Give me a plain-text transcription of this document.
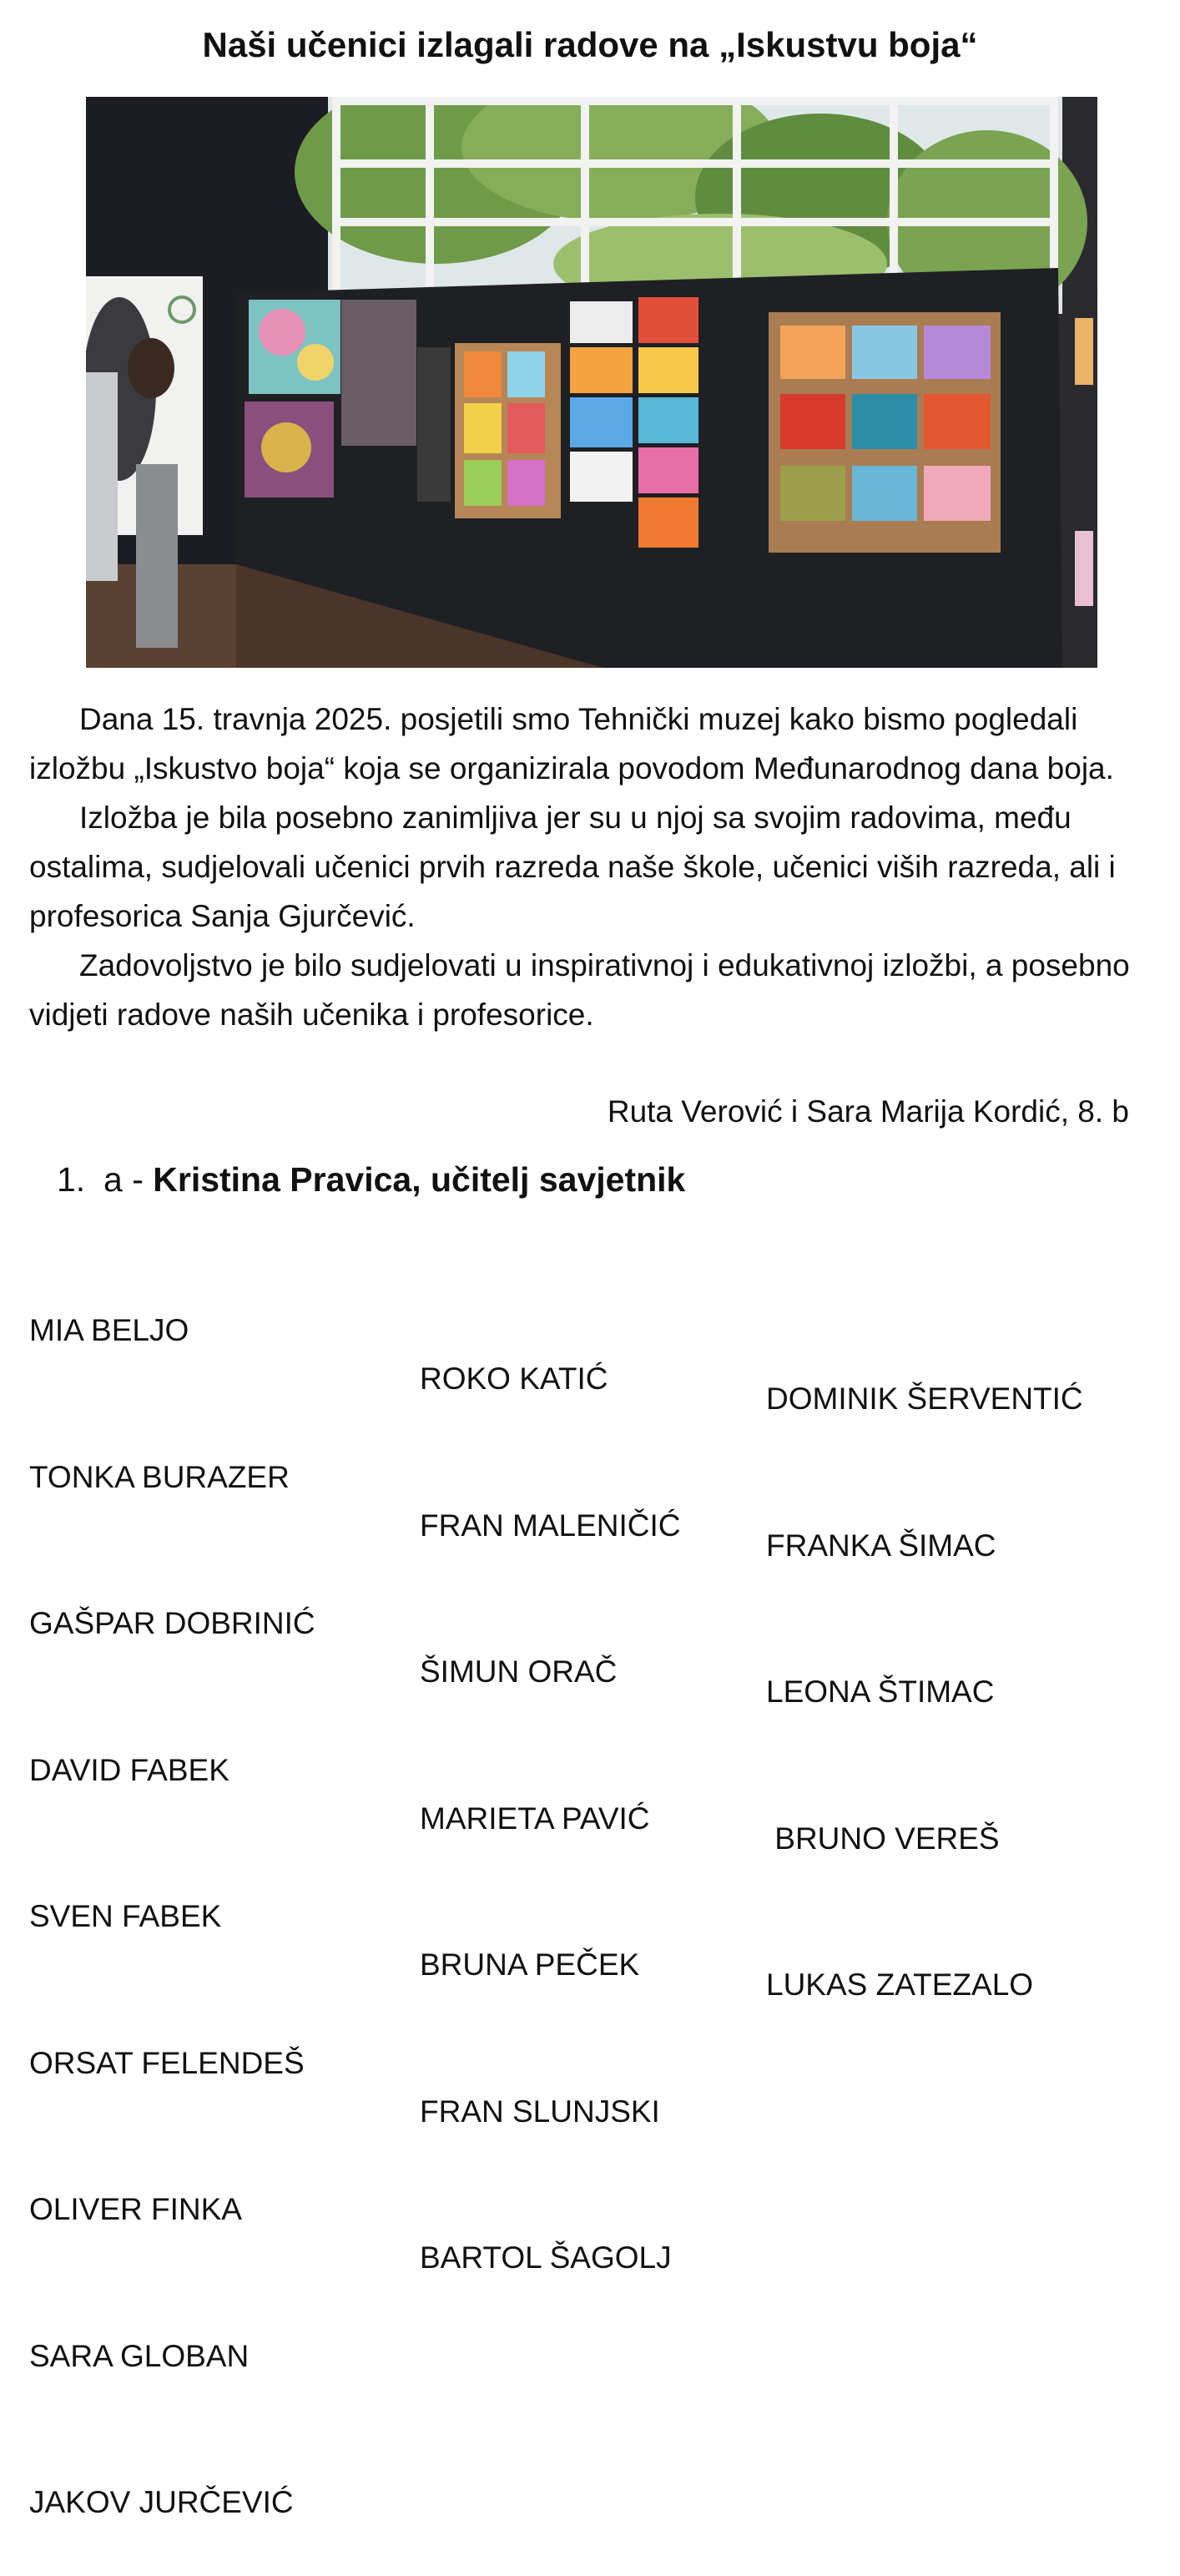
Naši učenici izlagali radove na „Iskustvu boja“

Dana 15. travnja 2025. posjetili smo Tehnički muzej kako bismo pogledali izložbu „Iskustvo boja“ koja se organizirala povodom Međunarodnog dana boja.

Izložba je bila posebno zanimljiva jer su u njoj sa svojim radovima, među ostalima, sudjelovali učenici prvih razreda naše škole, učenici viših razreda, ali i profesorica Sanja Gjurčević.

Zadovoljstvo je bilo sudjelovati u inspirativnoj i edukativnoj izložbi, a posebno vidjeti radove naših učenika i profesorice.

Ruta Verović i Sara Marija Kordić, 8. b
1. a - Kristina Pravica, učitelj savjetnik

MIA BELJO

TONKA BURAZER

GAŠPAR DOBRINIĆ

DAVID FABEK

SVEN FABEK

ORSAT FELENDEŠ

OLIVER FINKA

SARA GLOBAN

JAKOV JURČEVIĆ

ROKO KATIĆ

FRAN MALENIČIĆ

ŠIMUN ORAČ

MARIETA PAVIĆ

BRUNA PEČEK

FRAN SLUNJSKI

BARTOL ŠAGOLJ

DOMINIK ŠERVENTIĆ

FRANKA ŠIMAC

LEONA ŠTIMAC

BRUNO VEREŠ

LUKAS ZATEZALO
